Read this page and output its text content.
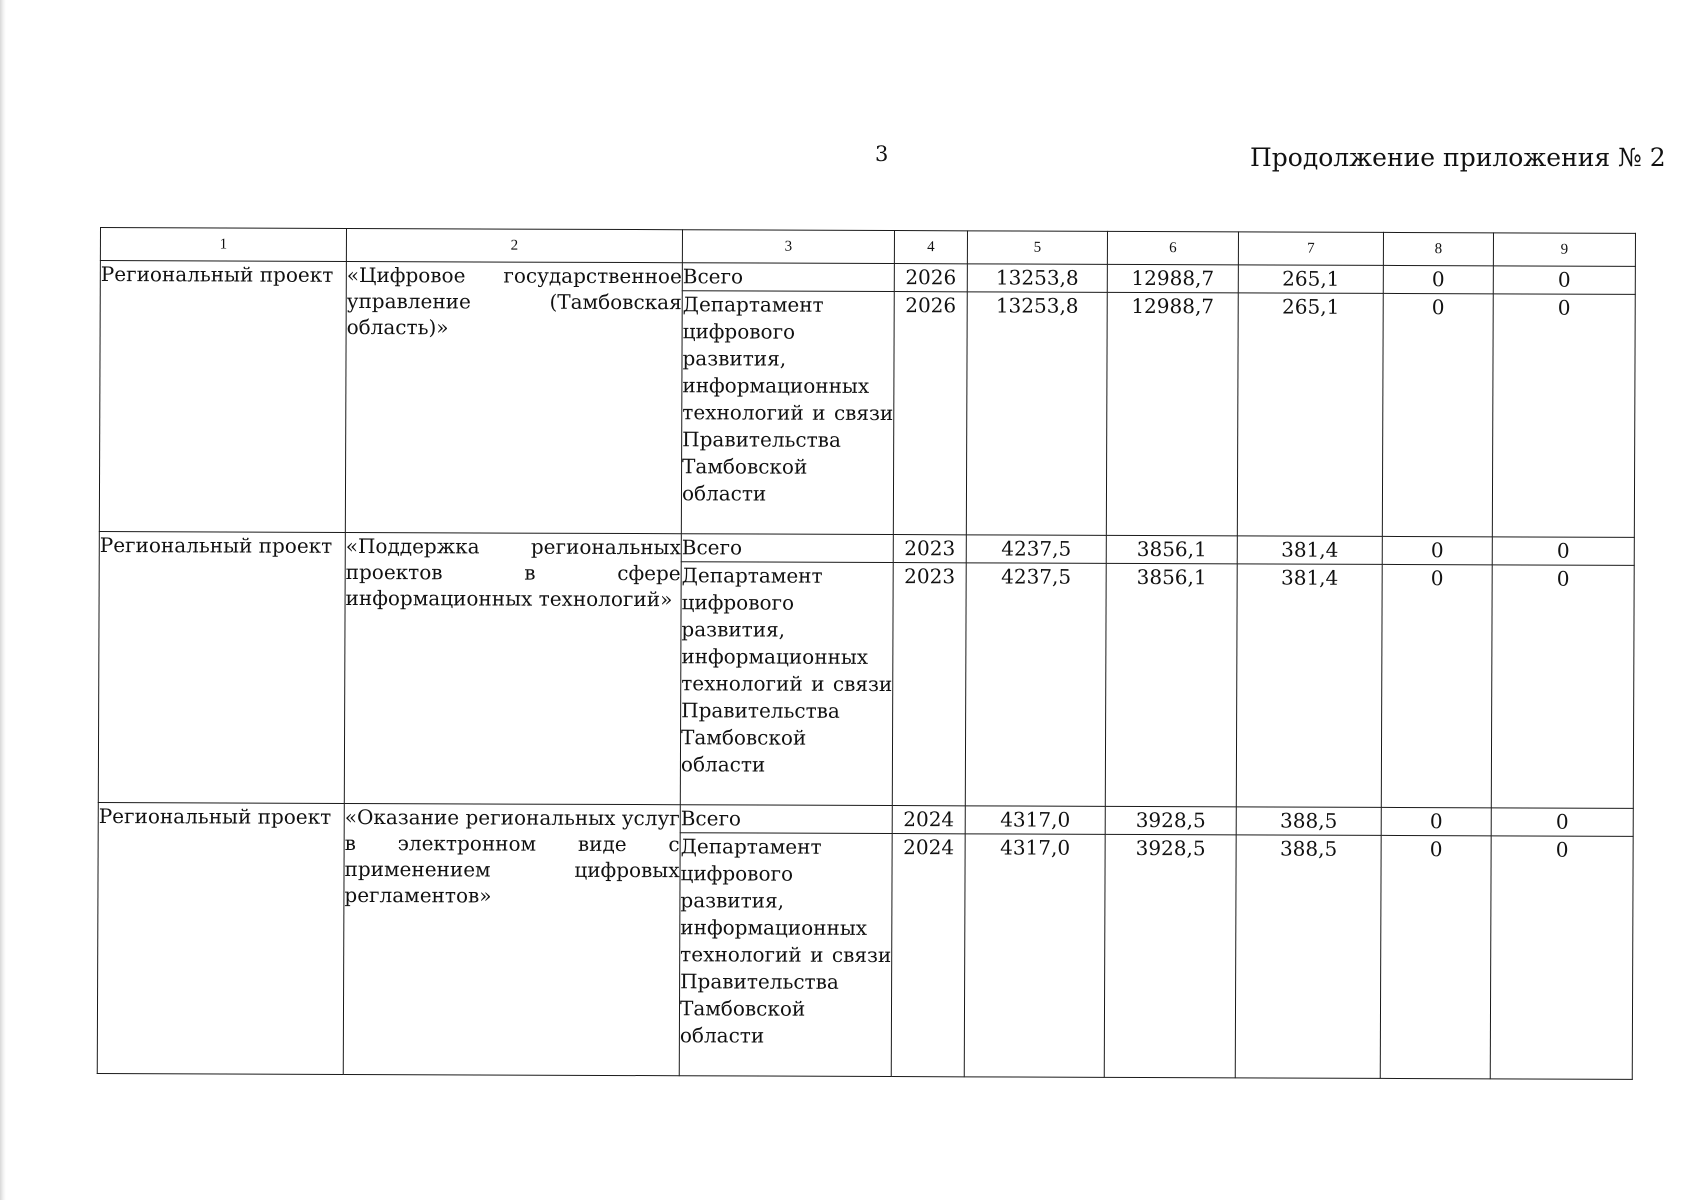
3	Продолжение приложения № 2
1	2	3	4	5	6	7	8	9
Региональный проект	«Цифровое государственное управление (Тамбовская область)»	Всего	2026	13253,8	12988,7	265,1	0	0
		Департамент цифрового развития, информационных технологий и связи Правительства Тамбовской области	2026	13253,8	12988,7	265,1	0	0
Региональный проект	«Поддержка региональных проектов в сфере информационных технологий»	Всего	2023	4237,5	3856,1	381,4	0	0
		Департамент цифрового развития, информационных технологий и связи Правительства Тамбовской области	2023	4237,5	3856,1	381,4	0	0
Региональный проект	«Оказание региональных услуг в электронном виде с применением цифровых регламентов»	Всего	2024	4317,0	3928,5	388,5	0	0
		Департамент цифрового развития, информационных технологий и связи Правительства Тамбовской области	2024	4317,0	3928,5	388,5	0	0
